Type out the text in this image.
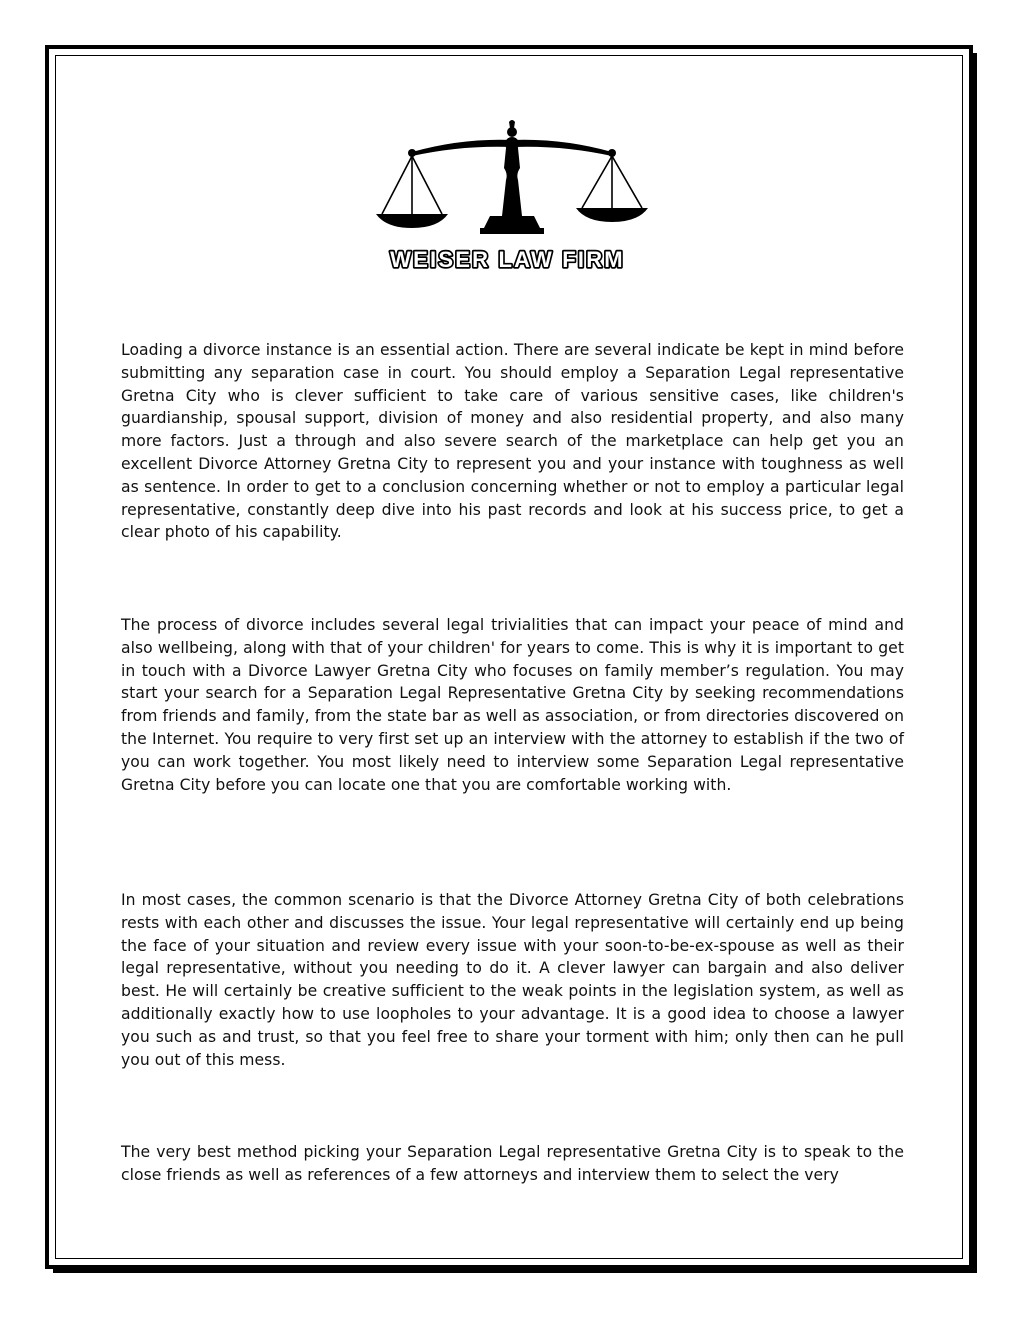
WEISER LAW FIRM

Loading a divorce instance is an essential action. There are several indicate be kept in mind before submitting any separation case in court. You should employ a Separation Legal representative Gretna City who is clever sufficient to take care of various sensitive cases, like children's guardianship, spousal support, division of money and also residential property, and also many more factors. Just a through and also severe search of the marketplace can help get you an excellent Divorce Attorney Gretna City to represent you and your instance with toughness as well as sentence. In order to get to a conclusion concerning whether or not to employ a particular legal representative, constantly deep dive into his past records and look at his success price, to get a clear photo of his capability.

The process of divorce includes several legal trivialities that can impact your peace of mind and also wellbeing, along with that of your children' for years to come. This is why it is important to get in touch with a Divorce Lawyer Gretna City who focuses on family member’s regulation. You may start your search for a Separation Legal Representative Gretna City by seeking recommendations from friends and family, from the state bar as well as association, or from directories discovered on the Internet. You require to very first set up an interview with the attorney to establish if the two of you can work together. You most likely need to interview some Separation Legal representative Gretna City before you can locate one that you are comfortable working with.

In most cases, the common scenario is that the Divorce Attorney Gretna City of both celebrations rests with each other and discusses the issue. Your legal representative will certainly end up being the face of your situation and review every issue with your soon-to-be-ex-spouse as well as their legal representative, without you needing to do it. A clever lawyer can bargain and also deliver best. He will certainly be creative sufficient to the weak points in the legislation system, as well as additionally exactly how to use loopholes to your advantage. It is a good idea to choose a lawyer you such as and trust, so that you feel free to share your torment with him; only then can he pull you out of this mess.

The very best method picking your Separation Legal representative Gretna City is to speak to the close friends as well as references of a few attorneys and interview them to select the very
